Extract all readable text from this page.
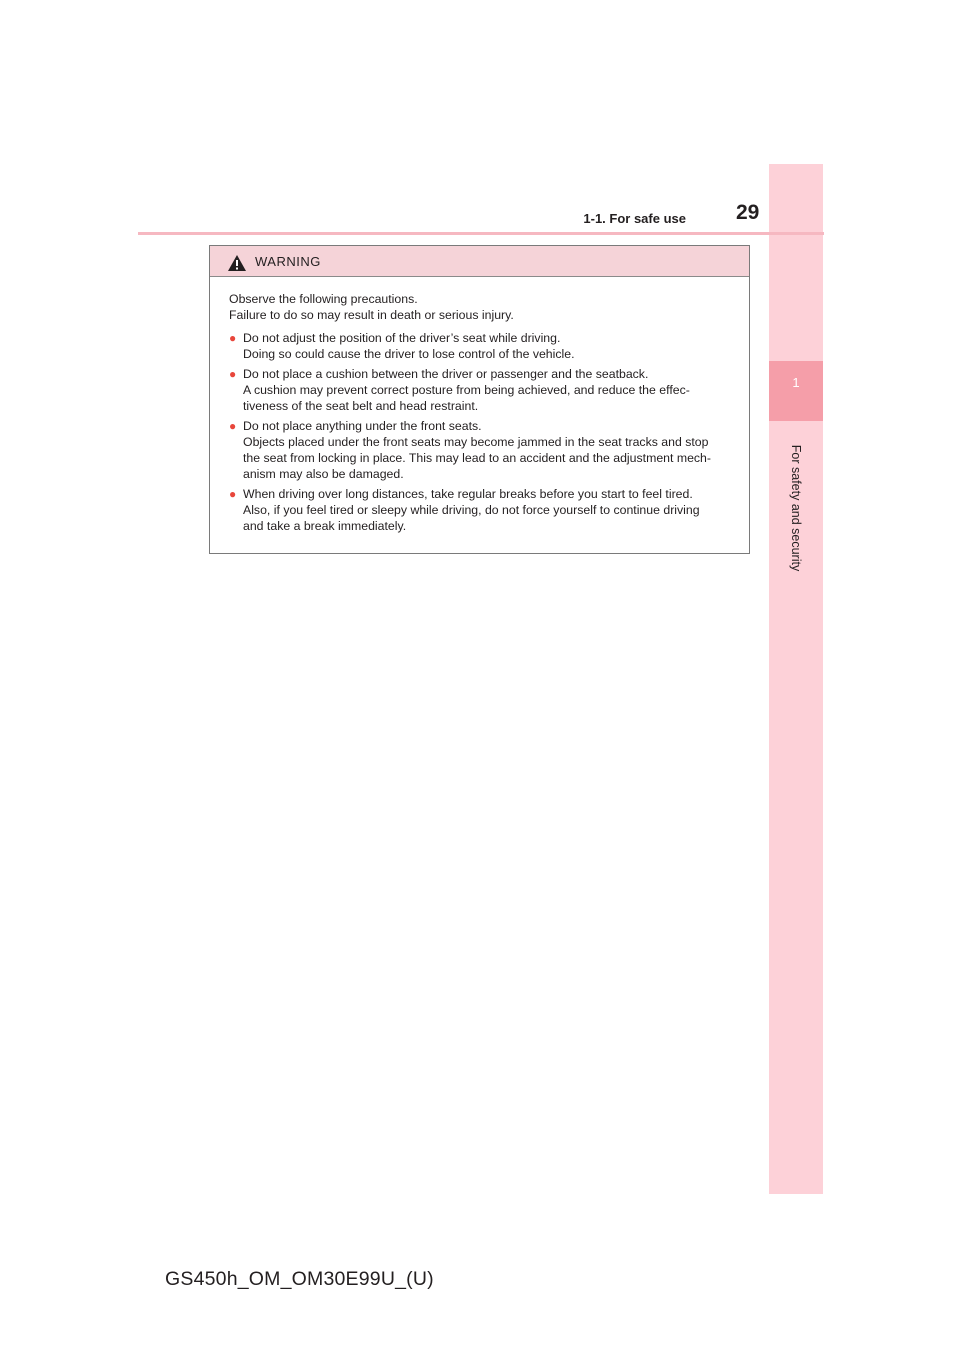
1
For safety and security
1-1. For safe use 29
WARNING
Observe the following precautions.
Failure to do so may result in death or serious injury.
● Do not adjust the position of the driver’s seat while driving.
Doing so could cause the driver to lose control of the vehicle.
● Do not place a cushion between the driver or passenger and the seatback.
A cushion may prevent correct posture from being achieved, and reduce the effec-
tiveness of the seat belt and head restraint.
● Do not place anything under the front seats.
Objects placed under the front seats may become jammed in the seat tracks and stop
the seat from locking in place. This may lead to an accident and the adjustment mech-
anism may also be damaged.
● When driving over long distances, take regular breaks before you start to feel tired.
Also, if you feel tired or sleepy while driving, do not force yourself to continue driving
and take a break immediately.
GS450h_OM_OM30E99U_(U)
